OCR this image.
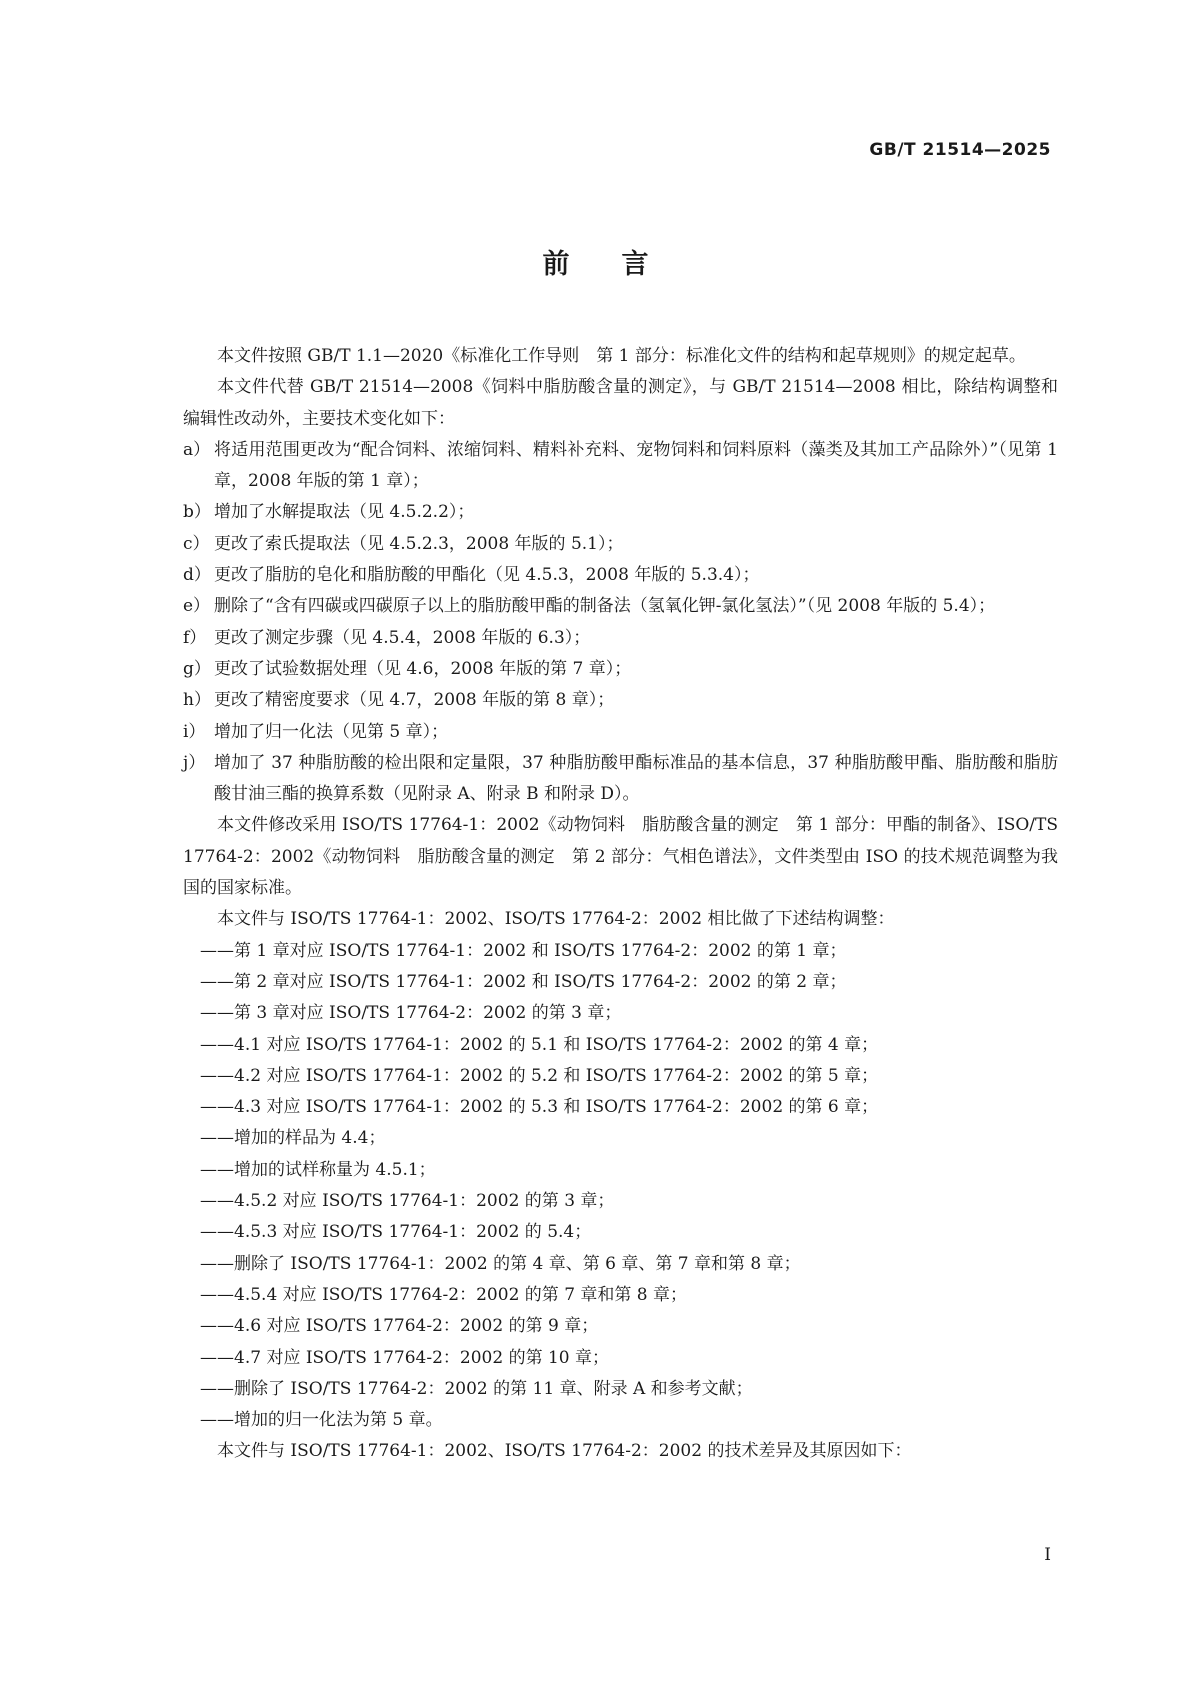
GB/T 21514—2025
前言

本文件按照 GB/T 1.1—2020《标准化工作导则　第 1 部分：标准化文件的结构和起草规则》的规定起草。

本文件代替 GB/T 21514—2008《饲料中脂肪酸含量的测定》，与 GB/T 21514—2008 相比，除结构调整和编辑性改动外，主要技术变化如下：

a） 将适用范围更改为“配合饲料、浓缩饲料、精料补充料、宠物饲料和饲料原料（藻类及其加工产品除外）”（见第 1 章，2008 年版的第 1 章）；
b） 增加了水解提取法（见 4.5.2.2）；
c） 更改了索氏提取法（见 4.5.2.3，2008 年版的 5.1）；
d） 更改了脂肪的皂化和脂肪酸的甲酯化（见 4.5.3，2008 年版的 5.3.4）；
e） 删除了“含有四碳或四碳原子以上的脂肪酸甲酯的制备法（氢氧化钾-氯化氢法）”（见 2008 年版的 5.4）；
f） 更改了测定步骤（见 4.5.4，2008 年版的 6.3）；
g） 更改了试验数据处理（见 4.6，2008 年版的第 7 章）；
h） 更改了精密度要求（见 4.7，2008 年版的第 8 章）；
i） 增加了归一化法（见第 5 章）；
j） 增加了 37 种脂肪酸的检出限和定量限，37 种脂肪酸甲酯标准品的基本信息，37 种脂肪酸甲酯、脂肪酸和脂肪酸甘油三酯的换算系数（见附录 A、附录 B 和附录 D）。

本文件修改采用 ISO/TS 17764-1：2002《动物饲料　脂肪酸含量的测定　第 1 部分：甲酯的制备》、ISO/TS 17764-2：2002《动物饲料　脂肪酸含量的测定　第 2 部分：气相色谱法》，文件类型由 ISO 的技术规范调整为我国的国家标准。

本文件与 ISO/TS 17764-1：2002、ISO/TS 17764-2：2002 相比做了下述结构调整：

——第 1 章对应 ISO/TS 17764-1：2002 和 ISO/TS 17764-2：2002 的第 1 章；

——第 2 章对应 ISO/TS 17764-1：2002 和 ISO/TS 17764-2：2002 的第 2 章；

——第 3 章对应 ISO/TS 17764-2：2002 的第 3 章；

——4.1 对应 ISO/TS 17764-1：2002 的 5.1 和 ISO/TS 17764-2：2002 的第 4 章；

——4.2 对应 ISO/TS 17764-1：2002 的 5.2 和 ISO/TS 17764-2：2002 的第 5 章；

——4.3 对应 ISO/TS 17764-1：2002 的 5.3 和 ISO/TS 17764-2：2002 的第 6 章；

——增加的样品为 4.4；

——增加的试样称量为 4.5.1；

——4.5.2 对应 ISO/TS 17764-1：2002 的第 3 章；

——4.5.3 对应 ISO/TS 17764-1：2002 的 5.4；

——删除了 ISO/TS 17764-1：2002 的第 4 章、第 6 章、第 7 章和第 8 章；

——4.5.4 对应 ISO/TS 17764-2：2002 的第 7 章和第 8 章；

——4.6 对应 ISO/TS 17764-2：2002 的第 9 章；

——4.7 对应 ISO/TS 17764-2：2002 的第 10 章；

——删除了 ISO/TS 17764-2：2002 的第 11 章、附录 A 和参考文献；

——增加的归一化法为第 5 章。

本文件与 ISO/TS 17764-1：2002、ISO/TS 17764-2：2002 的技术差异及其原因如下：

I
